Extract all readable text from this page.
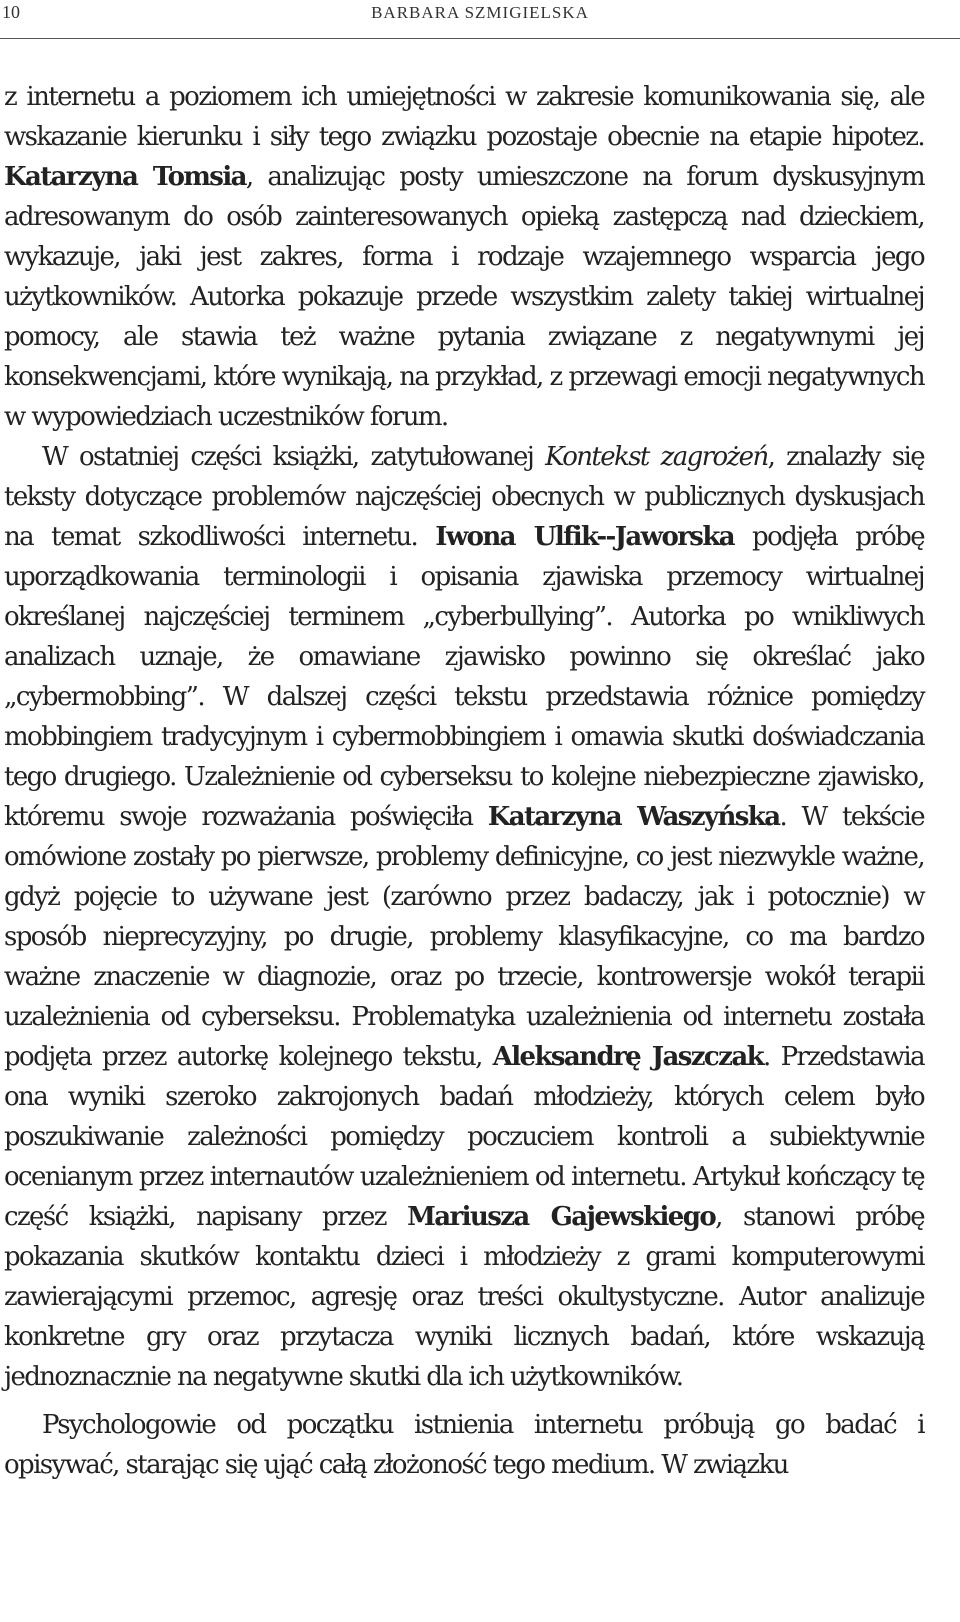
10	BARBARA SZMIGIELSKA

z internetu a poziomem ich umiejętności w zakresie komunikowania się, ale wskazanie kierunku i siły tego związku pozostaje obecnie na etapie hipotez. Katarzyna Tomsia, analizując posty umieszczone na forum dyskusyjnym adresowanym do osób zainteresowanych opieką zastępczą nad dzieckiem, wykazuje, jaki jest zakres, forma i rodzaje wzajemnego wsparcia jego użytkowników. Autorka pokazuje przede wszystkim zalety takiej wirtualnej pomocy, ale stawia też ważne pytania związane z negatywnymi jej konsekwencjami, które wynikają, na przykład, z przewagi emocji negatywnych w wypowiedziach uczestników forum.

W ostatniej części książki, zatytułowanej Kontekst zagrożeń, znalazły się teksty dotyczące problemów najczęściej obecnych w publicznych dyskusjach na temat szkodliwości internetu. Iwona Ulfik-​-Jaworska podjęła próbę uporządkowania terminologii i opisania zjawiska przemocy wirtualnej określanej najczęściej terminem „cyberbullying”. Autorka po wnikliwych analizach uznaje, że omawiane zjawisko powinno się określać jako „cybermobbing”. W dalszej części tekstu przedstawia różnice pomiędzy mobbingiem tradycyjnym i cybermobbingiem i omawia skutki doświadczania tego drugiego. Uzależnienie od cyberseksu to kolejne niebezpieczne zjawisko, któremu swoje rozważania poświęciła Katarzyna Waszyńska. W tekście omówione zostały po pierwsze, problemy definicyjne, co jest niezwykle ważne, gdyż pojęcie to używane jest (zarówno przez badaczy, jak i potocznie) w sposób nieprecyzyjny, po drugie, problemy klasyfikacyjne, co ma bardzo ważne znaczenie w diagnozie, oraz po trzecie, kontrowersje wokół terapii uzależnienia od cyberseksu. Problematyka uzależnienia od internetu została podjęta przez autorkę kolejnego tekstu, Aleksandrę Jaszczak. Przedstawia ona wyniki szeroko zakrojonych badań młodzieży, których celem było poszukiwanie zależności pomiędzy poczuciem kontroli a subiektywnie ocenianym przez internautów uzależnieniem od internetu. Artykuł kończący tę część książki, napisany przez Mariusza Gajewskiego, stanowi próbę pokazania skutków kontaktu dzieci i młodzieży z grami komputerowymi zawierającymi przemoc, agresję oraz treści okultystyczne. Autor analizuje konkretne gry oraz przytacza wyniki licznych badań, które wskazują jednoznacznie na negatywne skutki dla ich użytkowników.

Psychologowie od początku istnienia internetu próbują go badać i opisywać, starając się ująć całą złożoność tego medium. W związku
